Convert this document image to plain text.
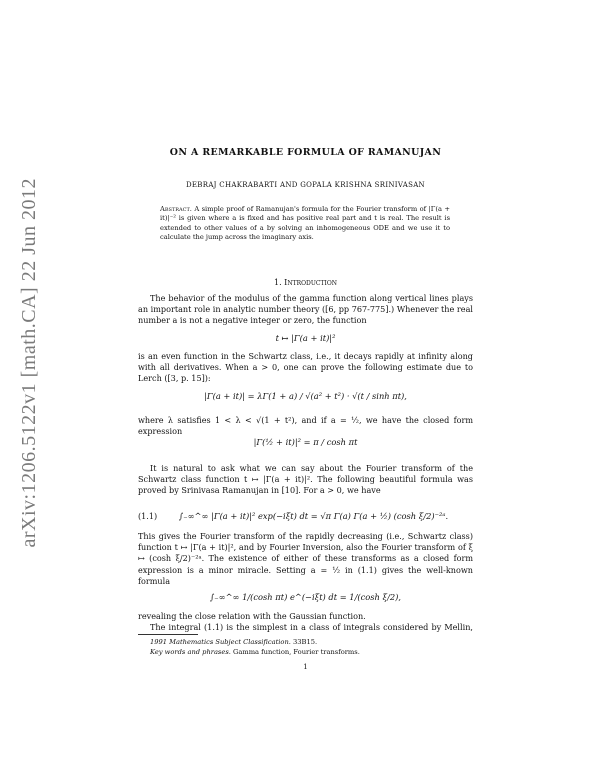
arXiv:1206.5122v1 [math.CA] 22 Jun 2012
ON A REMARKABLE FORMULA OF RAMANUJAN
DEBRAJ CHAKRABARTI AND GOPALA KRISHNA SRINIVASAN
Abstract. A simple proof of Ramanujan's formula for the Fourier transform of |Γ(a + it)|⁻² is given where a is fixed and has positive real part and t is real. The result is extended to other values of a by solving an inhomogeneous ODE and we use it to calculate the jump across the imaginary axis.
1. Introduction
The behavior of the modulus of the gamma function along vertical lines plays an important role in analytic number theory ([6, pp 767-775].) Whenever the real number a is not a negative integer or zero, the function
t ↦ |Γ(a + it)|²
is an even function in the Schwartz class, i.e., it decays rapidly at infinity along with all derivatives. When a > 0, one can prove the following estimate due to Lerch ([3, p. 15]):
|Γ(a + it)| = λΓ(1 + a) / √(a² + t²) · √(t / sinh πt),
where λ satisfies 1 < λ < √(1 + t²), and if a = ½, we have the closed form expression
|Γ(½ + it)|² = π / cosh πt
It is natural to ask what we can say about the Fourier transform of the Schwartz class function t ↦ |Γ(a + it)|². The following beautiful formula was proved by Srinivasa Ramanujan in [10]. For a > 0, we have
(1.1)	∫₋∞^∞ |Γ(a + it)|² exp(−iξt) dt = √π Γ(a) Γ(a + ½) (cosh ξ/2)⁻²ᵃ.
This gives the Fourier transform of the rapidly decreasing (i.e., Schwartz class) function t ↦ |Γ(a + it)|², and by Fourier Inversion, also the Fourier transform of ξ ↦ (cosh ξ/2)⁻²ᵃ. The existence of either of these transforms as a closed form expression is a minor miracle. Setting a = ½ in (1.1) gives the well-known formula
∫₋∞^∞ 1/(cosh πt) e^(−iξt) dt = 1/(cosh ξ/2),
revealing the close relation with the Gaussian function.
The integral (1.1) is the simplest in a class of integrals considered by Mellin,
1991 Mathematics Subject Classification. 33B15.
Key words and phrases. Gamma function, Fourier transforms.
1
